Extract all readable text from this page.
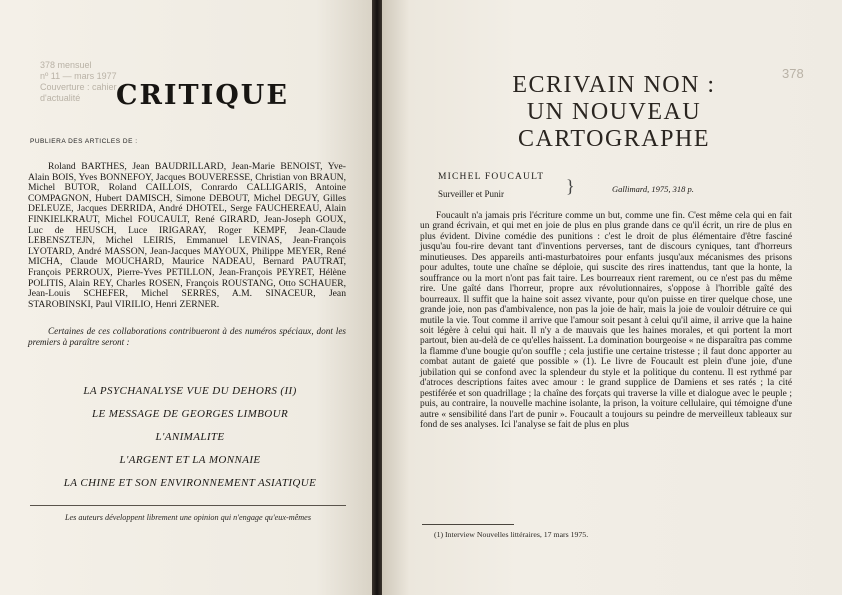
378 mensuel
nº 11 — mars 1977
Couverture : cahier
d'actualité	CRITIQUE
PUBLIERA DES ARTICLES DE :

Roland BARTHES, Jean BAUDRILLARD, Jean-Marie BENOIST, Yve-Alain BOIS, Yves BONNEFOY, Jacques BOUVERESSE, Christian von BRAUN, Michel BUTOR, Roland CAILLOIS, Conrardo CALLIGARIS, Antoine COMPAGNON, Hubert DAMISCH, Simone DEBOUT, Michel DEGUY, Gilles DELEUZE, Jacques DERRIDA, André DHOTEL, Serge FAUCHEREAU, Alain FINKIELKRAUT, Michel FOUCAULT, René GIRARD, Jean-Joseph GOUX, Luc de HEUSCH, Luce IRIGARAY, Roger KEMPF, Jean-Claude LEBENSZTEJN, Michel LEIRIS, Emmanuel LEVINAS, Jean-François LYOTARD, André MASSON, Jean-Jacques MAYOUX, Philippe MEYER, René MICHA, Claude MOUCHARD, Maurice NADEAU, Bernard PAUTRAT, François PERROUX, Pierre-Yves PETILLON, Jean-François PEYRET, Hélène POLITIS, Alain REY, Charles ROSEN, François ROUSTANG, Otto SCHAUER, Jean-Louis SCHEFER, Michel SERRES, A.M. SINACEUR, Jean STAROBINSKI, Paul VIRILIO, Henri ZERNER.

Certaines de ces collaborations contribueront à des numéros spéciaux, dont les premiers à paraître seront :

LA PSYCHANALYSE VUE DU DEHORS (II)
LE MESSAGE DE GEORGES LIMBOUR
L'ANIMALITE
L'ARGENT ET LA MONNAIE
LA CHINE ET SON ENVIRONNEMENT ASIATIQUE
Les auteurs développent librement une opinion qui n'engage qu'eux-mêmes
378
ECRIVAIN NON :
UN NOUVEAU
CARTOGRAPHE
MICHEL FOUCAULT
Surveiller et Punir	}	Gallimard, 1975, 318 p.

Foucault n'a jamais pris l'écriture comme un but, comme une fin. C'est même cela qui en fait un grand écrivain, et qui met en joie de plus en plus grande dans ce qu'il écrit, un rire de plus en plus évident. Divine comédie des punitions : c'est le droit de plus élémentaire d'être fasciné jusqu'au fou-rire devant tant d'inventions perverses, tant de discours cyniques, tant d'horreurs minutieuses. Des appareils anti-masturbatoires pour enfants jusqu'aux mécanismes des prisons pour adultes, toute une chaîne se déploie, qui suscite des rires inattendus, tant que la honte, la souffrance ou la mort n'ont pas fait taire. Les bourreaux rient rarement, ou ce n'est pas du même rire. Une gaîté dans l'horreur, propre aux révolutionnaires, s'oppose à l'horrible gaîté des bourreaux. Il suffit que la haine soit assez vivante, pour qu'on puisse en tirer quelque chose, une grande joie, non pas d'ambivalence, non pas la joie de haïr, mais la joie de vouloir détruire ce qui mutile la vie. Tout comme il arrive que l'amour soit pesant à celui qu'il aime, il arrive que la haine soit légère à celui qui hait. Il n'y a de mauvais que les haines morales, et qui portent la mort partout, bien au-delà de ce qu'elles haïssent. La domination bourgeoise « ne disparaîtra pas comme la flamme d'une bougie qu'on souffle ; cela justifie une certaine tristesse ; il faut donc apporter au combat autant de gaieté que possible » (1). Le livre de Foucault est plein d'une joie, d'une jubilation qui se confond avec la splendeur du style et la politique du contenu. Il est rythmé par d'atroces descriptions faites avec amour : le grand supplice de Damiens et ses ratés ; la cité pestiférée et son quadrillage ; la chaîne des forçats qui traverse la ville et dialogue avec le peuple ; puis, au contraire, la nouvelle machine isolante, la prison, la voiture cellulaire, qui témoigne d'une autre « sensibilité dans l'art de punir ». Foucault a toujours su peindre de merveilleux tableaux sur fond de ses analyses. Ici l'analyse se fait de plus en plus

(1) Interview Nouvelles littéraires, 17 mars 1975.
